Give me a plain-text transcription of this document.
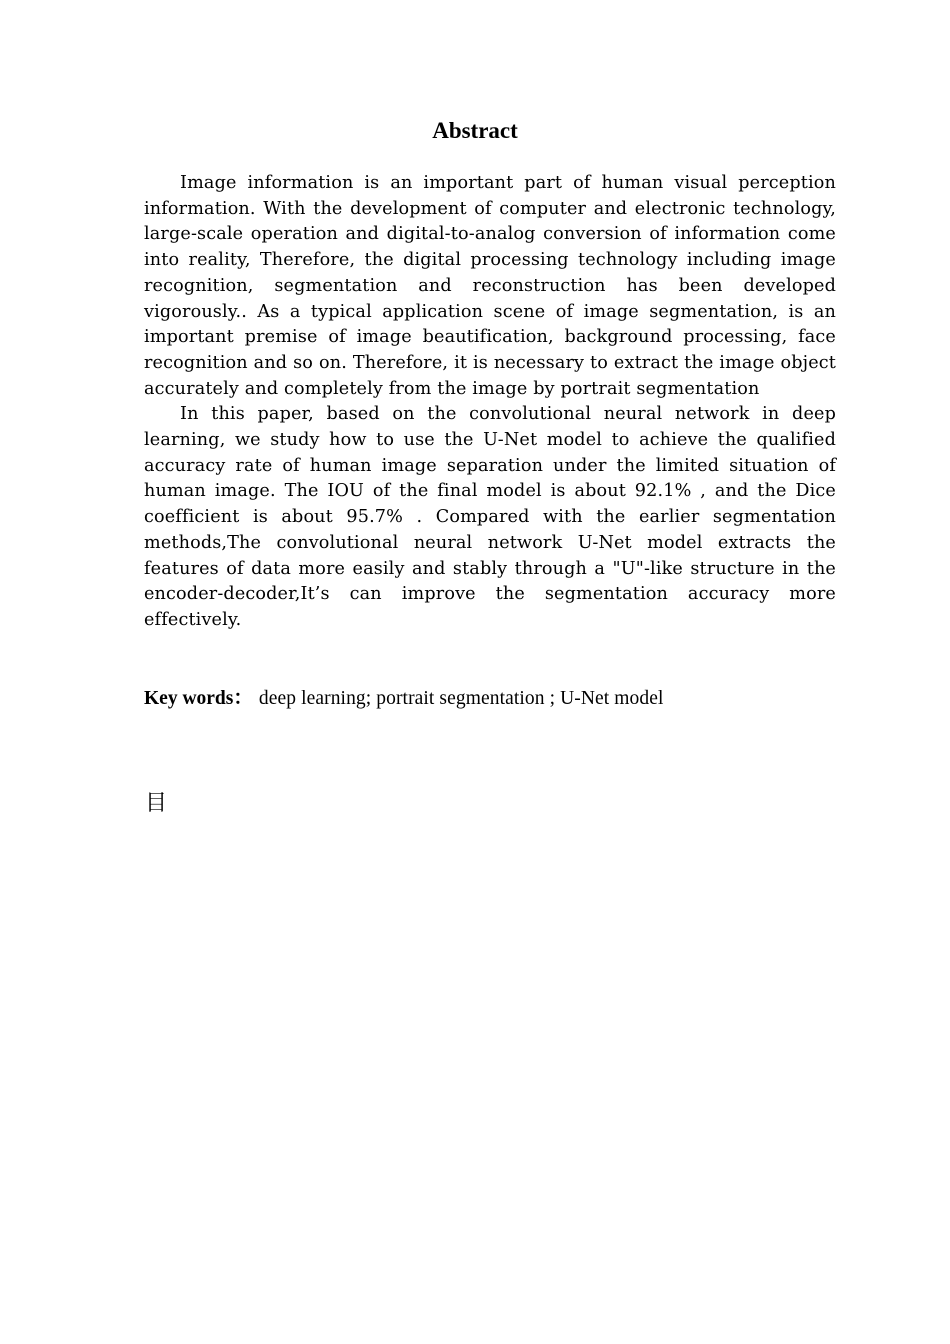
Abstract

Image information is an important part of human visual perception information. With the development of computer and electronic technology, large-scale operation and digital-to-analog conversion of information come into reality, Therefore, the digital processing technology including image recognition, segmentation and reconstruction has been developed vigorously.. As a typical application scene of image segmentation, is an important premise of image beautification, background processing, face recognition and so on. Therefore, it is necessary to extract the image object accurately and completely from the image by portrait segmentation

In this paper, based on the convolutional neural network in deep learning, we study how to use the U-Net model to achieve the qualified accuracy rate of human image separation under the limited situation of human image. The IOU of the final model is about 92.1% , and the Dice coefficient is about 95.7% . Compared with the earlier segmentation methods,The convolutional neural network U-Net model extracts the features of data more easily and stably through a "U"-like structure in the encoder-decoder,It’s can improve the segmentation accuracy more effectively.

Key words： deep learning; portrait segmentation ; U-Net model
目
